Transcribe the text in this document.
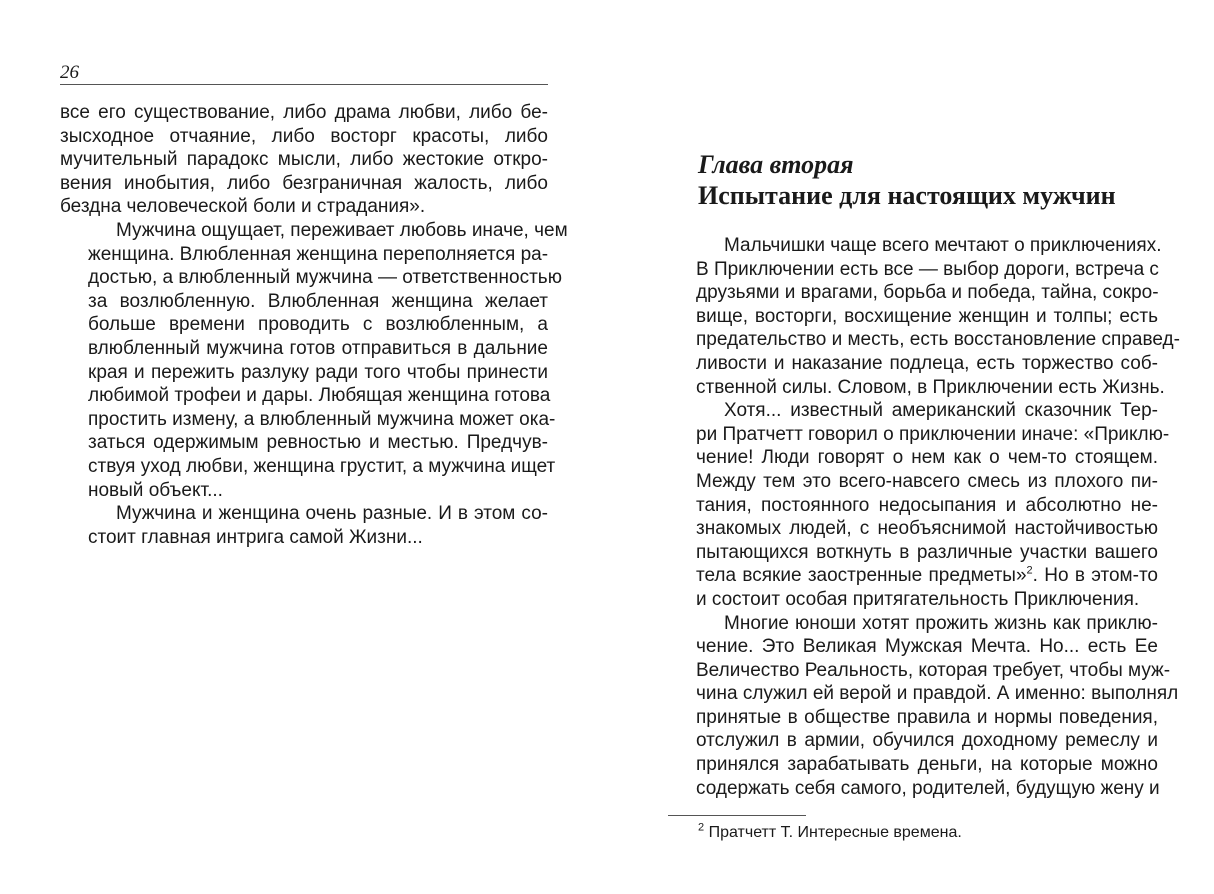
26
все его существование, либо драма любви, либо бе-
зысходное отчаяние, либо восторг красоты, либо
мучительный парадокс мысли, либо жестокие откро-
вения инобытия, либо безграничная жалость, либо
бездна человеческой боли и страдания».
Мужчина ощущает, переживает любовь иначе, чем
женщина. Влюбленная женщина переполняется ра-
достью, а влюбленный мужчина — ответственностью
за возлюбленную. Влюбленная женщина желает
больше времени проводить с возлюбленным, а
влюбленный мужчина готов отправиться в дальние
края и пережить разлуку ради того чтобы принести
любимой трофеи и дары. Любящая женщина готова
простить измену, а влюбленный мужчина может ока-
заться одержимым ревностью и местью. Предчув-
ствуя уход любви, женщина грустит, а мужчина ищет
новый объект...
Мужчина и женщина очень разные. И в этом со-
стоит главная интрига самой Жизни...
Глава вторая
Испытание для настоящих мужчин
Мальчишки чаще всего мечтают о приключениях.
В Приключении есть все — выбор дороги, встреча с
друзьями и врагами, борьба и победа, тайна, сокро-
вище, восторги, восхищение женщин и толпы; есть
предательство и месть, есть восстановление справед-
ливости и наказание подлеца, есть торжество соб-
ственной силы. Словом, в Приключении есть Жизнь.
Хотя... известный американский сказочник Тер-
ри Пратчетт говорил о приключении иначе: «Приклю-
чение! Люди говорят о нем как о чем-то стоящем.
Между тем это всего-навсего смесь из плохого пи-
тания, постоянного недосыпания и абсолютно не-
знакомых людей, с необъяснимой настойчивостью
пытающихся воткнуть в различные участки вашего
тела всякие заостренные предметы»$^2$. Но в этом-то
и состоит особая притягательность Приключения.
Многие юноши хотят прожить жизнь как приклю-
чение. Это Великая Мужская Мечта. Но... есть Ее
Величество Реальность, которая требует, чтобы муж-
чина служил ей верой и правдой. А именно: выполнял
принятые в обществе правила и нормы поведения,
отслужил в армии, обучился доходному ремеслу и
принялся зарабатывать деньги, на которые можно
содержать себя самого, родителей, будущую жену и
$^2$ Пратчетт Т. Интересные времена.
